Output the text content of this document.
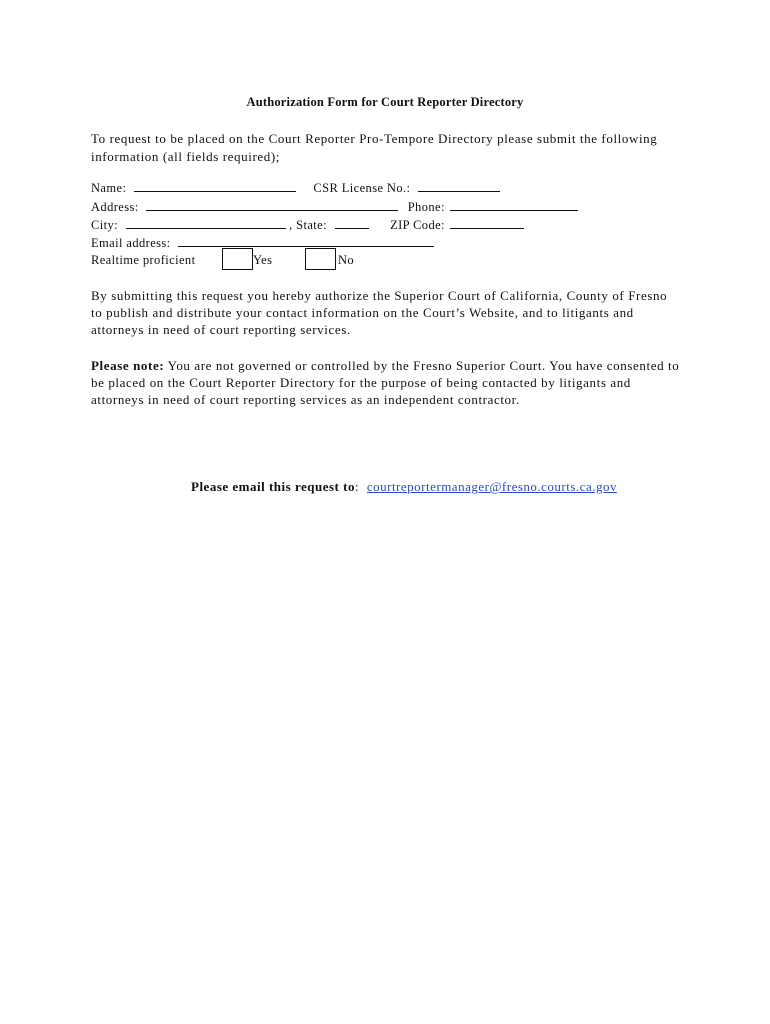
Authorization Form for Court Reporter Directory
To request to be placed on the Court Reporter Pro-Tempore Directory please submit the following information (all fields required);
Name:	CSR License No.:
Address:	Phone:
City:	, State:	ZIP Code:
Email address:
Realtime proficient	Yes	No
By submitting this request you hereby authorize the Superior Court of California, County of Fresno to publish and distribute your contact information on the Court’s Website, and to litigants and attorneys in need of court reporting services.
Please note: You are not governed or controlled by the Fresno Superior Court. You have consented to be placed on the Court Reporter Directory for the purpose of being contacted by litigants and attorneys in need of court reporting services as an independent contractor.
Please email this request to: courtreportermanager@fresno.courts.ca.gov
